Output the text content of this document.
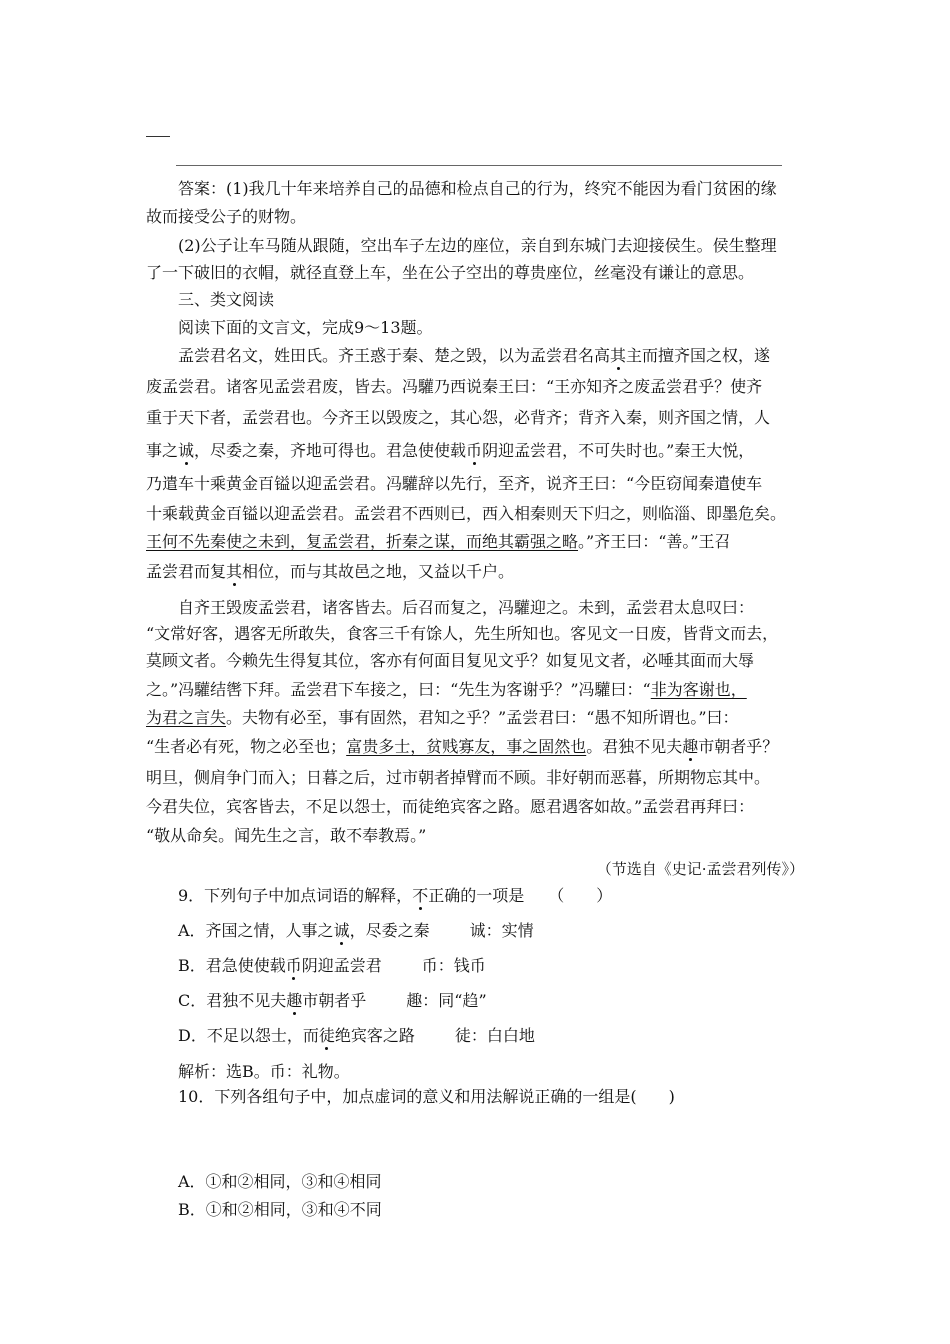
答案：(1)我几十年来培养自己的品德和检点自己的行为，终究不能因为看门贫困的缘
故而接受公子的财物。
(2)公子让车马随从跟随，空出车子左边的座位，亲自到东城门去迎接侯生。侯生整理
了一下破旧的衣帽，就径直登上车，坐在公子空出的尊贵座位，丝毫没有谦让的意思。
三、类文阅读
阅读下面的文言文，完成9～13题。
孟尝君名文，姓田氏。齐王惑于秦、楚之毁，以为孟尝君名高其主而擅齐国之权，遂
废孟尝君。诸客见孟尝君废，皆去。冯驩乃西说秦王曰：“王亦知齐之废孟尝君乎？使齐
重于天下者，孟尝君也。今齐王以毁废之，其心怨，必背齐；背齐入秦，则齐国之情，人
事之诚，尽委之秦，齐地可得也。君急使使载币阴迎孟尝君，不可失时也。”秦王大悦，
乃遣车十乘黄金百镒以迎孟尝君。冯驩辞以先行，至齐，说齐王曰：“今臣窃闻秦遣使车
十乘载黄金百镒以迎孟尝君。孟尝君不西则已，西入相秦则天下归之，则临淄、即墨危矣。
王何不先秦使之未到，复孟尝君，折秦之谋，而绝其霸强之略。”齐王曰：“善。”王召
孟尝君而复其相位，而与其故邑之地，又益以千户。
自齐王毁废孟尝君，诸客皆去。后召而复之，冯驩迎之。未到，孟尝君太息叹曰：
“文常好客，遇客无所敢失，食客三千有馀人，先生所知也。客见文一日废，皆背文而去，
莫顾文者。今赖先生得复其位，客亦有何面目复见文乎？如复见文者，必唾其面而大辱
之。”冯驩结辔下拜。孟尝君下车接之，曰：“先生为客谢乎？”冯驩曰：“非为客谢也，
为君之言失。夫物有必至，事有固然，君知之乎？”孟尝君曰：“愚不知所谓也。”曰：
“生者必有死，物之必至也；富贵多士，贫贱寡友，事之固然也。君独不见夫趣市朝者乎？
明旦，侧肩争门而入；日暮之后，过市朝者掉臂而不顾。非好朝而恶暮，所期物忘其中。
今君失位，宾客皆去，不足以怨士，而徒绝宾客之路。愿君遇客如故。”孟尝君再拜曰：
“敬从命矣。闻先生之言，敢不奉教焉。”
（节选自《史记·孟尝君列传》）
9．下列句子中加点词语的解释，不正确的一项是　　（　　）
A．齐国之情，人事之诚，尽委之秦	诚：实情
B．君急使使载币阴迎孟尝君	币：钱币
C．君独不见夫趣市朝者乎	趣：同“趋”
D．不足以怨士，而徒绝宾客之路	徒：白白地
解析：选B。币：礼物。
10．下列各组句子中，加点虚词的意义和用法解说正确的一组是(　　)
A．①和②相同，③和④相同
B．①和②相同，③和④不同
